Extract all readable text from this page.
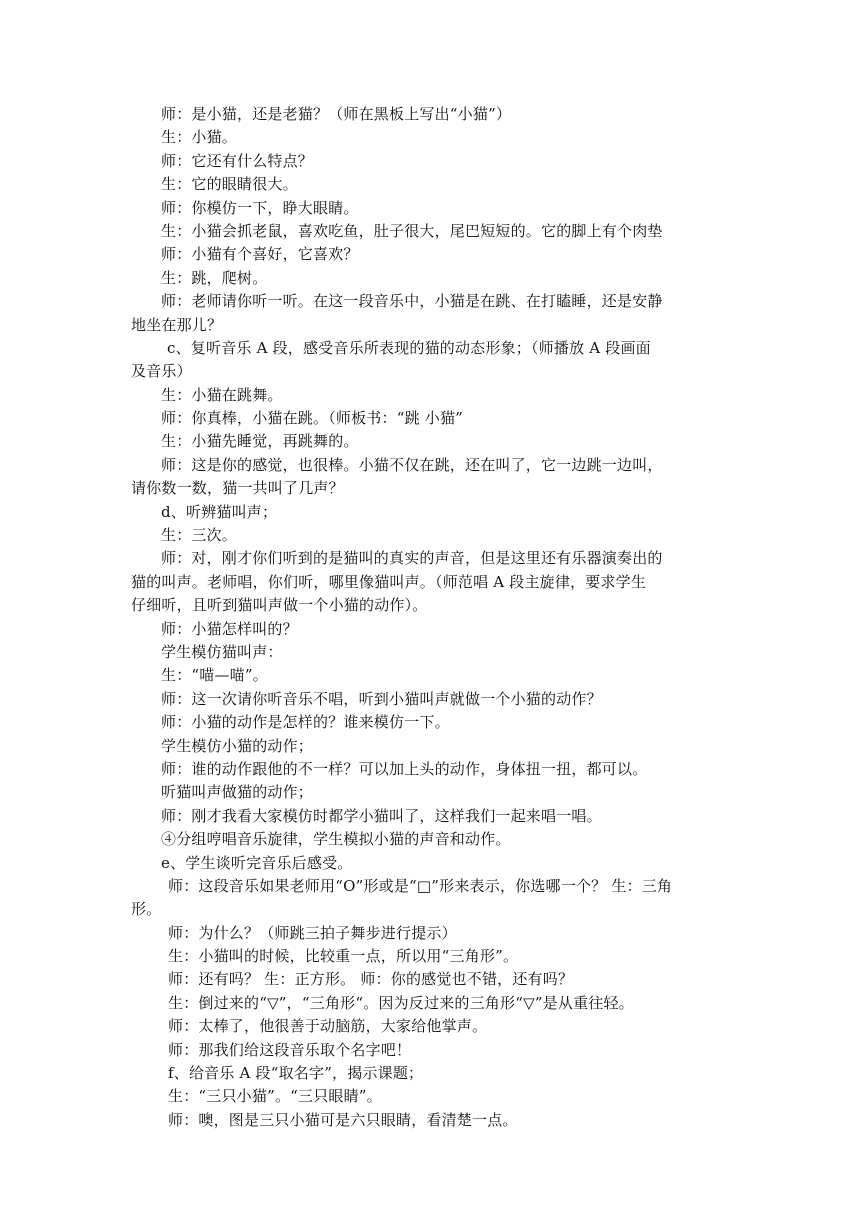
师：是小猫，还是老猫？（师在黑板上写出“小猫”）
生：小猫。
师：它还有什么特点？
生：它的眼睛很大。
师：你模仿一下，睁大眼睛。
生：小猫会抓老鼠，喜欢吃鱼，肚子很大，尾巴短短的。它的脚上有个肉垫
师：小猫有个喜好，它喜欢？
生：跳，爬树。
师：老师请你听一听。在这一段音乐中，小猫是在跳、在打瞌睡，还是安静
地坐在那儿？
c、复听音乐 A 段，感受音乐所表现的猫的动态形象；（师播放 A 段画面
及音乐）
生：小猫在跳舞。
师：你真棒，小猫在跳。（师板书：“跳 小猫”
生：小猫先睡觉，再跳舞的。
师：这是你的感觉，也很棒。小猫不仅在跳，还在叫了，它一边跳一边叫，
请你数一数，猫一共叫了几声？
d、听辨猫叫声；
生：三次。
师：对，刚才你们听到的是猫叫的真实的声音，但是这里还有乐器演奏出的
猫的叫声。老师唱，你们听，哪里像猫叫声。（师范唱 A 段主旋律，要求学生
仔细听，且听到猫叫声做一个小猫的动作）。
师：小猫怎样叫的？
学生模仿猫叫声：
生：“喵—喵”。
师：这一次请你听音乐不唱，听到小猫叫声就做一个小猫的动作？
师：小猫的动作是怎样的？谁来模仿一下。
学生模仿小猫的动作；
师：谁的动作跟他的不一样？可以加上头的动作，身体扭一扭，都可以。
听猫叫声做猫的动作；
师：刚才我看大家模仿时都学小猫叫了，这样我们一起来唱一唱。
④分组哼唱音乐旋律，学生模拟小猫的声音和动作。
e、学生谈听完音乐后感受。
师：这段音乐如果老师用“O”形或是“□”形来表示，你选哪一个？ 生：三角
形。
师：为什么？（师跳三拍子舞步进行提示）
生：小猫叫的时候，比较重一点，所以用“三角形”。
师：还有吗？ 生：正方形。 师：你的感觉也不错，还有吗？
生：倒过来的“▽”，“三角形“。因为反过来的三角形“▽”是从重往轻。
师：太棒了，他很善于动脑筋，大家给他掌声。
师：那我们给这段音乐取个名字吧！
f、给音乐 A 段“取名字”，揭示课题；
生：“三只小猫”。“三只眼睛”。
师：噢，图是三只小猫可是六只眼睛，看清楚一点。
